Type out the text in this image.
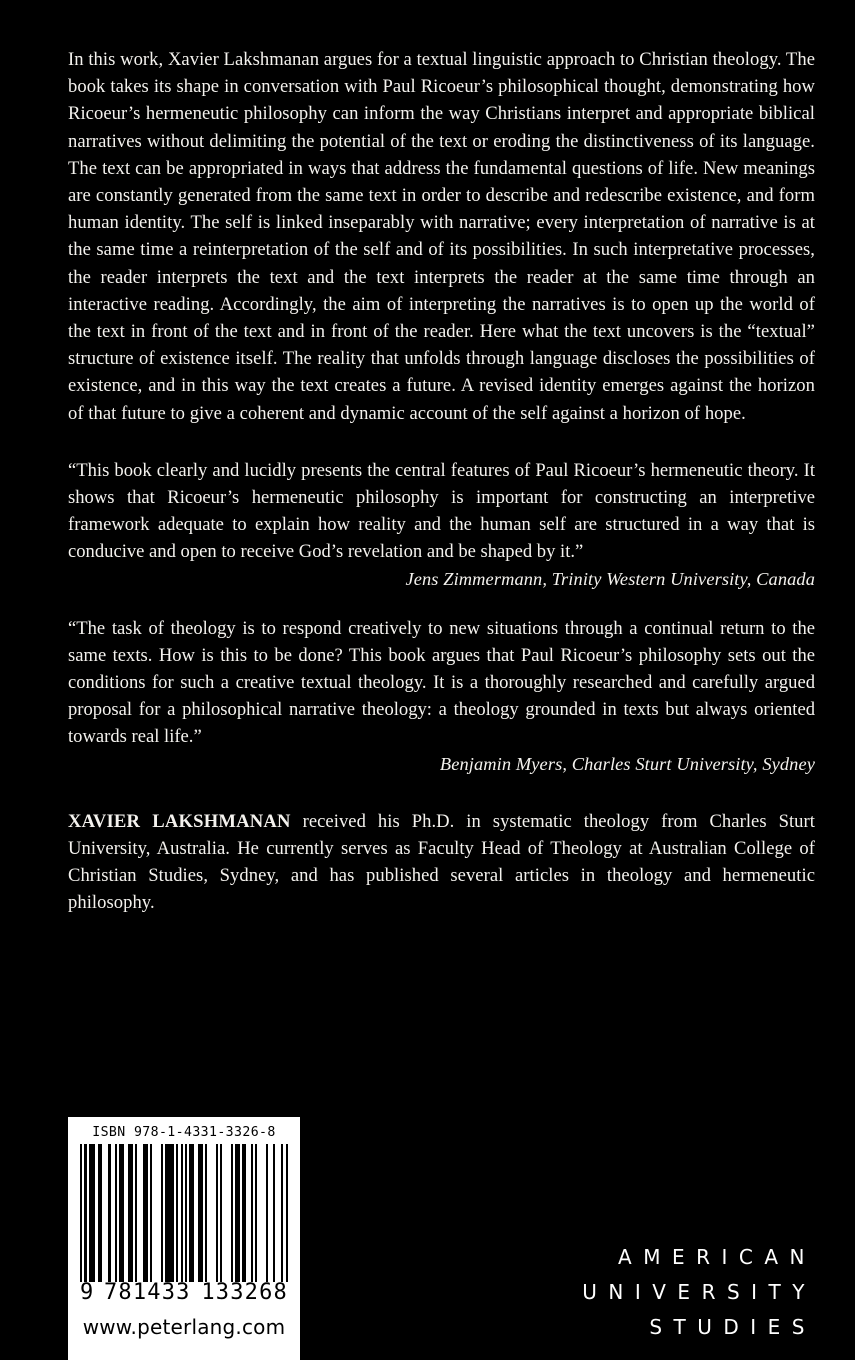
In this work, Xavier Lakshmanan argues for a textual linguistic approach to Christian theology. The book takes its shape in conversation with Paul Ricoeur’s philosophical thought, demonstrating how Ricoeur’s hermeneutic philosophy can inform the way Christians interpret and appropriate biblical narratives without delimiting the potential of the text or eroding the distinctiveness of its language. The text can be appropriated in ways that address the fundamental questions of life. New meanings are constantly generated from the same text in order to describe and redescribe existence, and form human identity. The self is linked inseparably with narrative; every interpretation of narrative is at the same time a reinterpretation of the self and of its possibilities. In such interpretative processes, the reader interprets the text and the text interprets the reader at the same time through an interactive reading. Accordingly, the aim of interpreting the narratives is to open up the world of the text in front of the text and in front of the reader. Here what the text uncovers is the “textual” structure of existence itself. The reality that unfolds through language discloses the possibilities of existence, and in this way the text creates a future. A revised identity emerges against the horizon of that future to give a coherent and dynamic account of the self against a horizon of hope.

“This book clearly and lucidly presents the central features of Paul Ricoeur’s hermeneutic theory. It shows that Ricoeur’s hermeneutic philosophy is important for constructing an interpretive framework adequate to explain how reality and the human self are structured in a way that is conducive and open to receive God’s revelation and be shaped by it.”

Jens Zimmermann, Trinity Western University, Canada

“The task of theology is to respond creatively to new situations through a continual return to the same texts. How is this to be done? This book argues that Paul Ricoeur’s philosophy sets out the conditions for such a creative textual theology. It is a thoroughly researched and carefully argued proposal for a philosophical narrative theology: a theology grounded in texts but always oriented towards real life.”

Benjamin Myers, Charles Sturt University, Sydney

XAVIER LAKSHMANAN received his Ph.D. in systematic theology from Charles Sturt University, Australia. He currently serves as Faculty Head of Theology at Australian College of Christian Studies, Sydney, and has published several articles in theology and hermeneutic philosophy.

ISBN 978-1-4331-3326-8
9 781433 133268
www.peterlang.com
AMERICAN
UNIVERSITY
STUDIES
